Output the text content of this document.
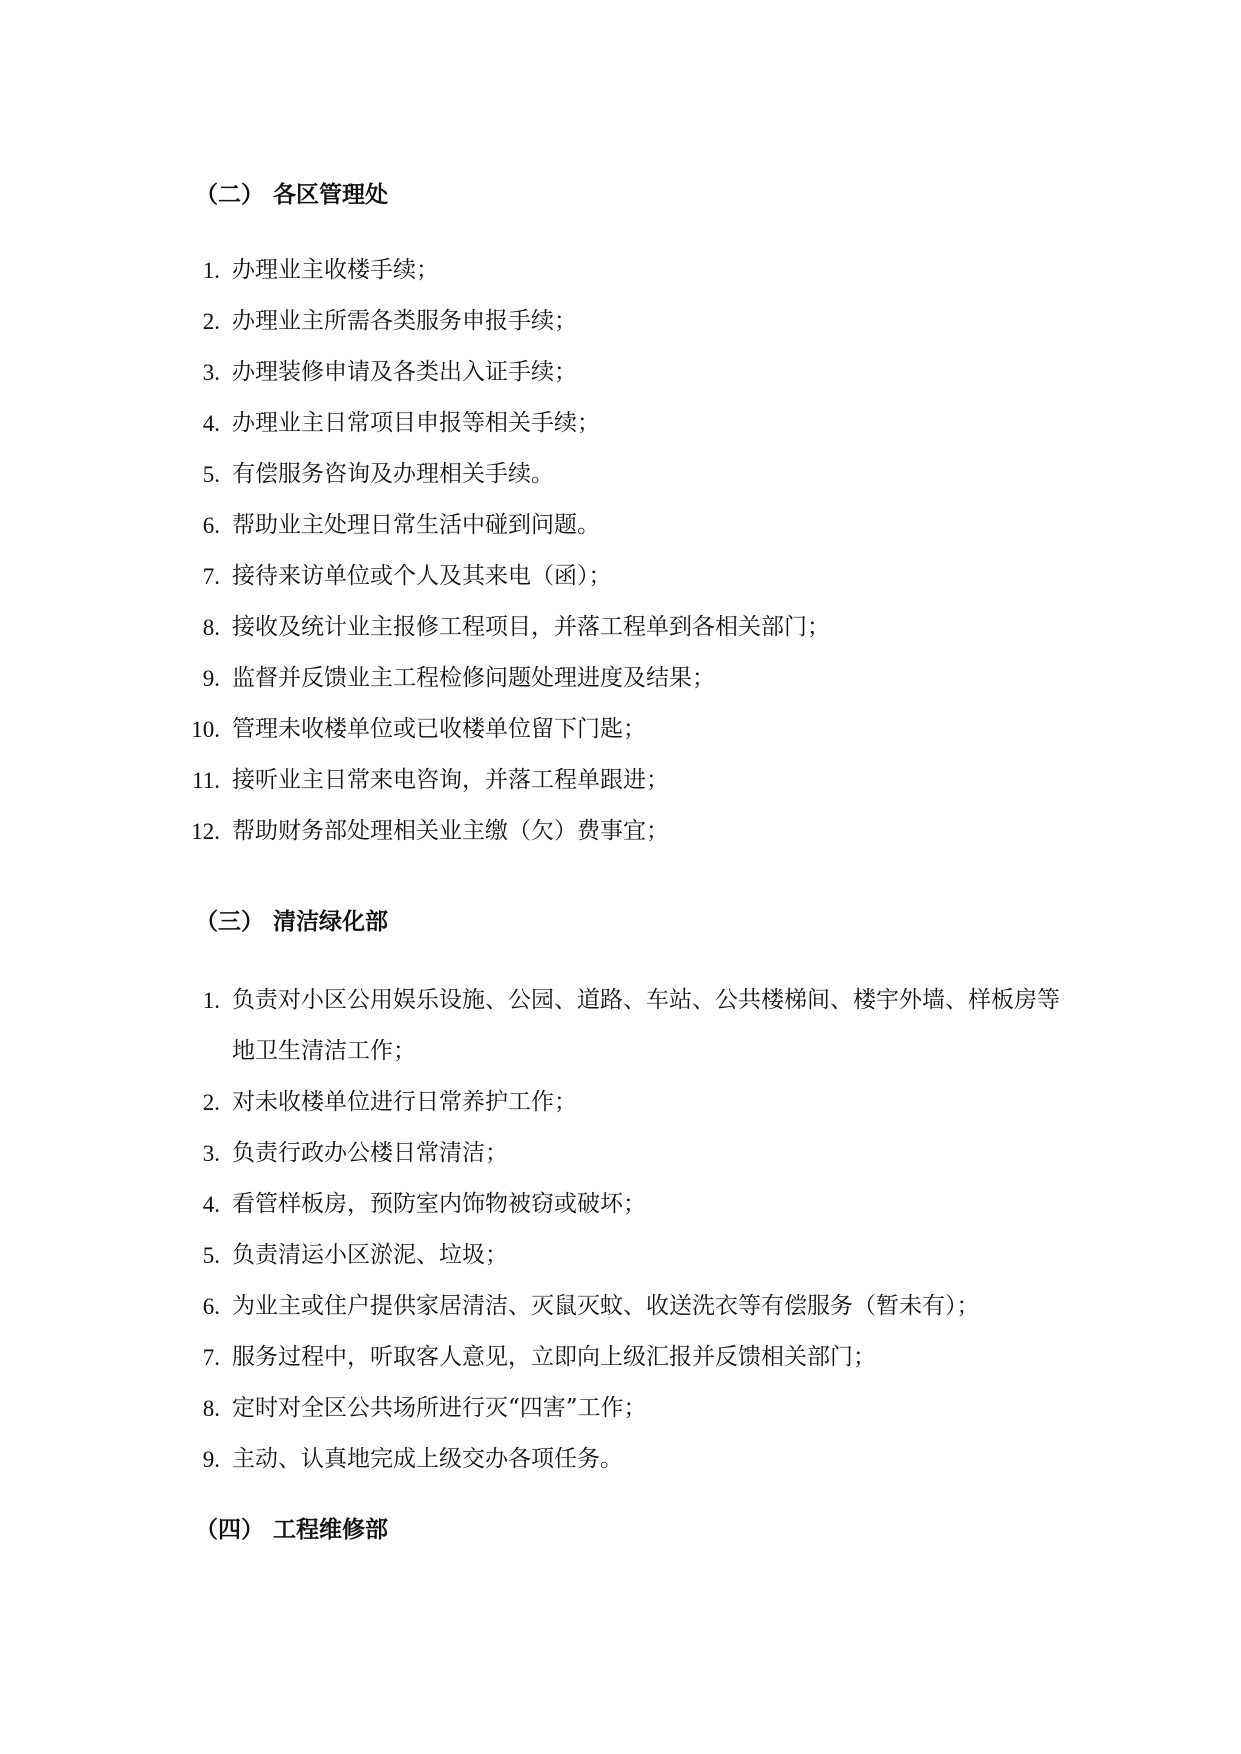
（二） 各区管理处
1. 办理业主收楼手续；
2. 办理业主所需各类服务申报手续；
3. 办理装修申请及各类出入证手续；
4. 办理业主日常项目申报等相关手续；
5. 有偿服务咨询及办理相关手续。
6. 帮助业主处理日常生活中碰到问题。
7. 接待来访单位或个人及其来电（函）；
8. 接收及统计业主报修工程项目，并落工程单到各相关部门；
9. 监督并反馈业主工程检修问题处理进度及结果；
10. 管理未收楼单位或已收楼单位留下门匙；
11. 接听业主日常来电咨询，并落工程单跟进；
12. 帮助财务部处理相关业主缴（欠）费事宜；
（三） 清洁绿化部
1. 负责对小区公用娱乐设施、公园、道路、车站、公共楼梯间、楼宇外墙、样板房等地卫生清洁工作；
2. 对未收楼单位进行日常养护工作；
3. 负责行政办公楼日常清洁；
4. 看管样板房，预防室内饰物被窃或破坏；
5. 负责清运小区淤泥、垃圾；
6. 为业主或住户提供家居清洁、灭鼠灭蚊、收送洗衣等有偿服务（暂未有）；
7. 服务过程中，听取客人意见，立即向上级汇报并反馈相关部门；
8. 定时对全区公共场所进行灭“四害”工作；
9. 主动、认真地完成上级交办各项任务。
（四） 工程维修部
